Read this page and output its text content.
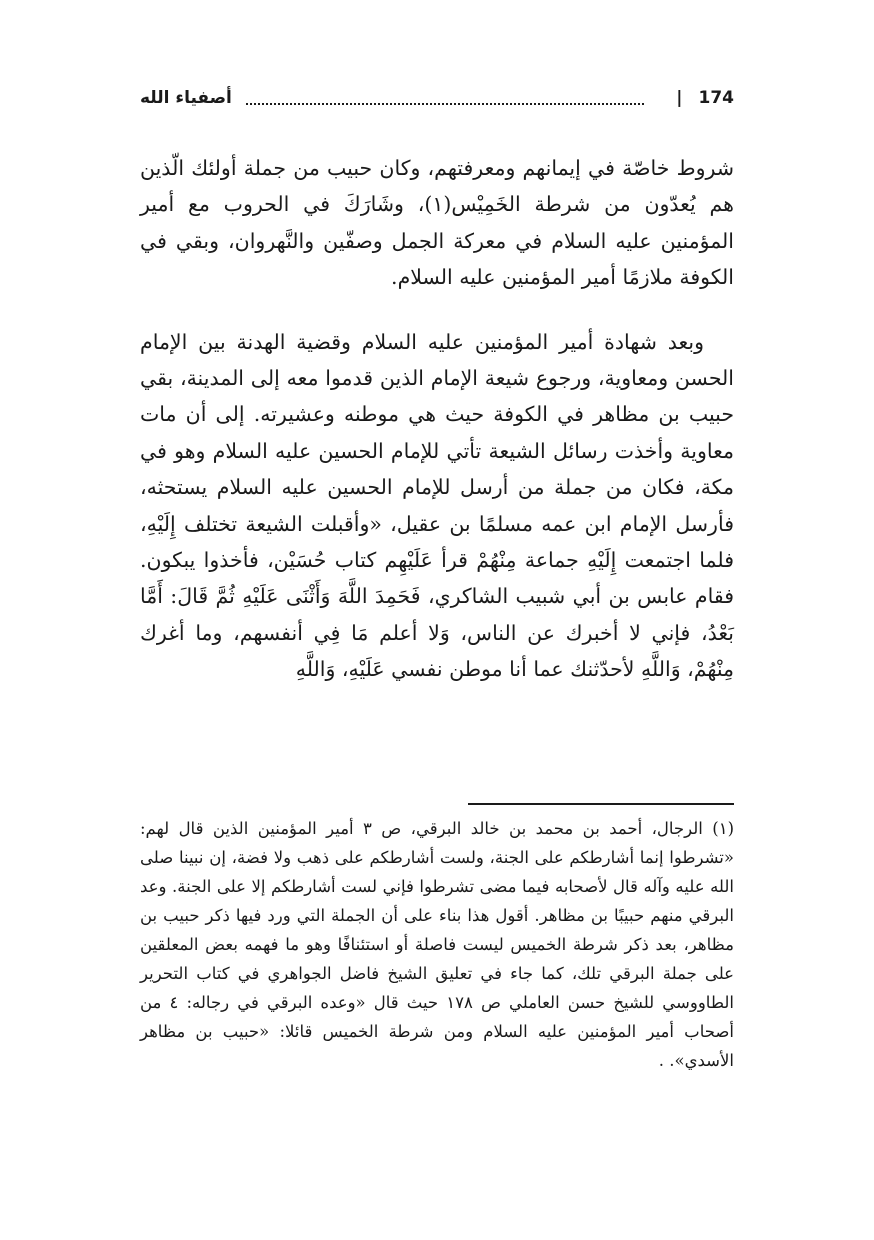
174
|
أصفياء الله

شروط خاصّة في إيمانهم ومعرفتهم، وكان حبيب من جملة أولئك الّذين هم يُعدّون من شرطة الخَمِيْس(١)، وشَارَكَ في الحروب مع أمير المؤمنين عليه السلام في معركة الجمل وصفّين والنَّهروان، وبقي في الكوفة ملازمًا أمير المؤمنين عليه السلام.

وبعد شهادة أمير المؤمنين عليه السلام وقضية الهدنة بين الإمام الحسن ومعاوية، ورجوع شيعة الإمام الذين قدموا معه إلى المدينة، بقي حبيب بن مظاهر في الكوفة حيث هي موطنه وعشيرته. إلى أن مات معاوية وأخذت رسائل الشيعة تأتي للإمام الحسين عليه السلام وهو في مكة، فكان من جملة من أرسل للإمام الحسين عليه السلام يستحثه، فأرسل الإمام ابن عمه مسلمًا بن عقيل، «وأقبلت الشيعة تختلف إِلَيْهِ، فلما اجتمعت إِلَيْهِ جماعة مِنْهُمْ قرأ عَلَيْهِم كتاب حُسَيْن، فأخذوا يبكون. فقام عابس بن أبي شبيب الشاكري، فَحَمِدَ اللَّهَ وَأَثْنَى عَلَيْهِ ثُمَّ قَالَ: أَمَّا بَعْدُ، فإني لا أخبرك عن الناس، وَلا أعلم مَا فِي أنفسهم، وما أغرك مِنْهُمْ، وَاللَّهِ لأحدّثنك عما أنا موطن نفسي عَلَيْهِ، وَاللَّهِ

(١) الرجال، أحمد بن محمد بن خالد البرقي، ص ٣ أمير المؤمنين الذين قال لهم: «تشرطوا إنما أشارطكم على الجنة، ولست أشارطكم على ذهب ولا فضة، إن نبينا صلى الله عليه وآله قال لأصحابه فيما مضى تشرطوا فإني لست أشارطكم إلا على الجنة. وعد البرقي منهم حبيبًا بن مظاهر. أقول هذا بناء على أن الجملة التي ورد فيها ذكر حبيب بن مظاهر، بعد ذكر شرطة الخميس ليست فاصلة أو استئنافًا وهو ما فهمه بعض المعلقين على جملة البرقي تلك، كما جاء في تعليق الشيخ فاضل الجواهري في كتاب التحرير الطاووسي للشيخ حسن العاملي ص ١٧٨ حيث قال «وعده البرقي في رجاله: ٤ من أصحاب أمير المؤمنين عليه السلام ومن شرطة الخميس قائلا: «حبيب بن مظاهر الأسدي». .
